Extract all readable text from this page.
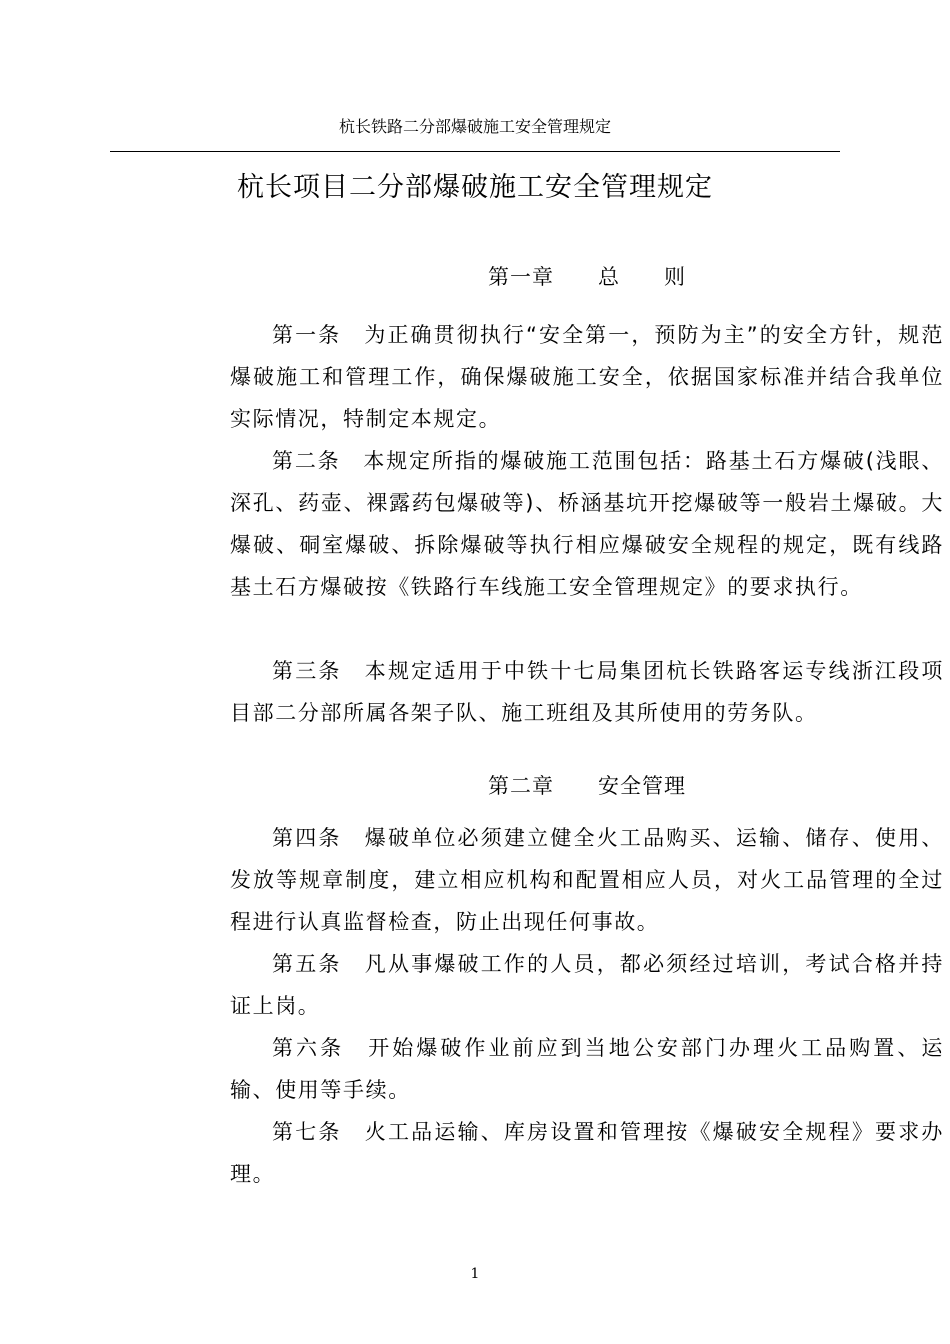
杭长铁路二分部爆破施工安全管理规定
杭长项目二分部爆破施工安全管理规定
第一章　　总　　则

第一条　 为正确贯彻执行“安全第一，预防为主”的安全方针，规范爆破施工和管理工作，确保爆破施工安全，依据国家标准并结合我单位实际情况，特制定本规定。

第二条　 本规定所指的爆破施工范围包括：路基土石方爆破(浅眼、深孔、药壶、裸露药包爆破等)、桥涵基坑开挖爆破等一般岩土爆破。大爆破、硐室爆破、拆除爆破等执行相应爆破安全规程的规定，既有线路基土石方爆破按《铁路行车线施工安全管理规定》的要求执行。

第三条　 本规定适用于中铁十七局集团杭长铁路客运专线浙江段项目部二分部所属各架子队、施工班组及其所使用的劳务队。

第二章　　安全管理

第四条　 爆破单位必须建立健全火工品购买、运输、储存、使用、发放等规章制度，建立相应机构和配置相应人员，对火工品管理的全过程进行认真监督检查，防止出现任何事故。

第五条　 凡从事爆破工作的人员，都必须经过培训，考试合格并持证上岗。

第六条　 开始爆破作业前应到当地公安部门办理火工品购置、运输、使用等手续。

第七条　 火工品运输、库房设置和管理按《爆破安全规程》要求办理。

1
